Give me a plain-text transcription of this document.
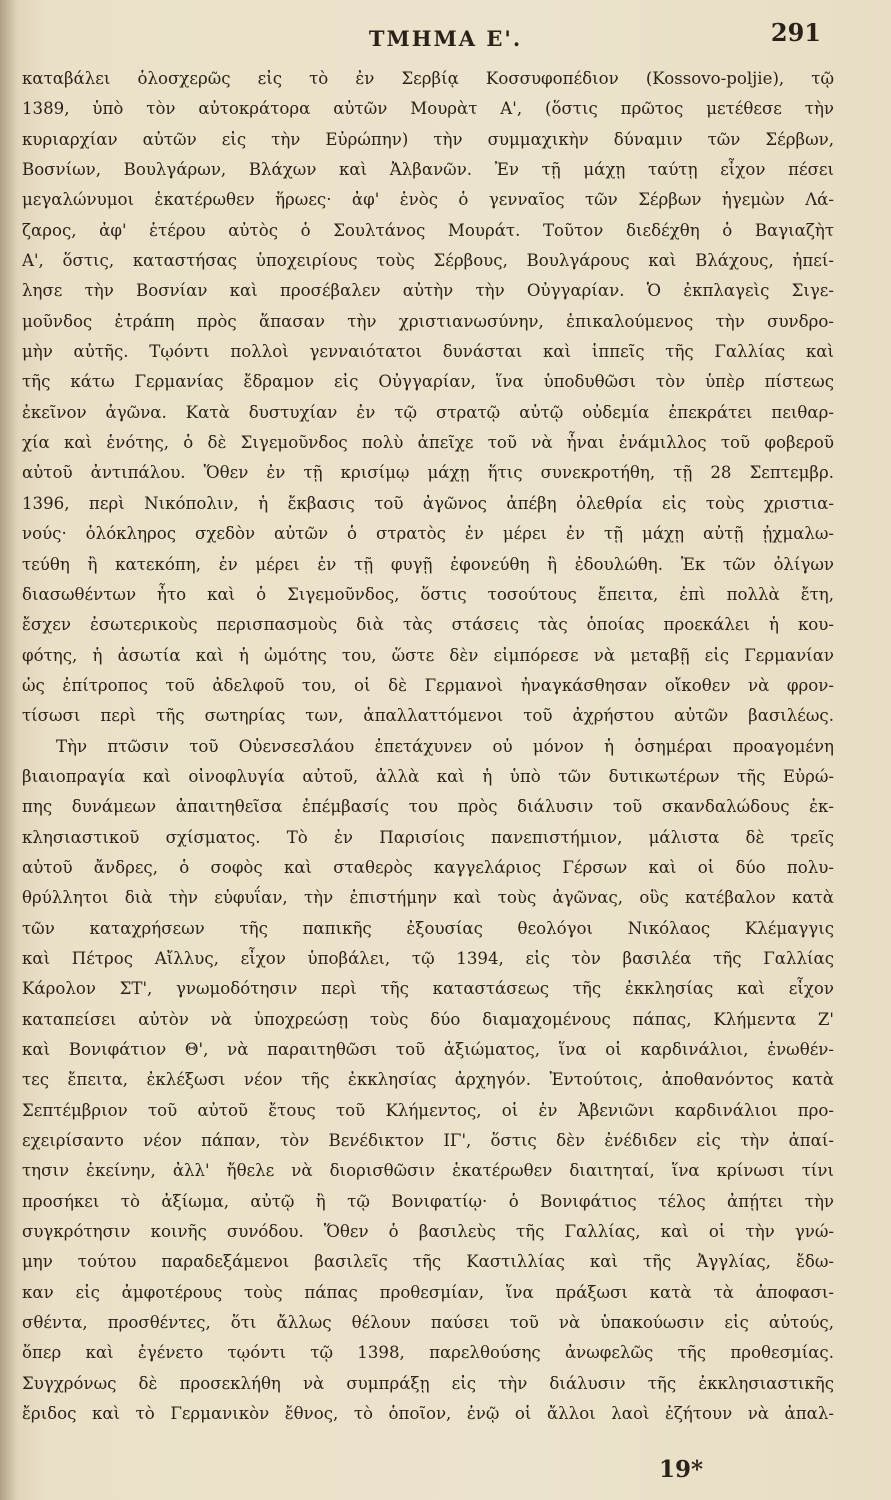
ΤΜΗΜΑ Ε'.	291
καταβάλει ὁλοσχερῶς εἰς τὸ ἐν Σερβίᾳ Κοσσυφοπέδιον (Kossovo-poljie), τῷ
1389, ὑπὸ τὸν αὐτοκράτορα αὐτῶν Μουρὰτ Α', (ὅστις πρῶτος μετέθεσε τὴν
κυριαρχίαν αὐτῶν εἰς τὴν Εὐρώπην) τὴν συμμαχικὴν δύναμιν τῶν Σέρβων,
Βοσνίων, Βουλγάρων, Βλάχων καὶ Ἀλβανῶν. Ἐν τῇ μάχῃ ταύτῃ εἶχον πέσει
μεγαλώνυμοι ἑκατέρωθεν ἥρωες· ἀφ' ἑνὸς ὁ γενναῖος τῶν Σέρβων ἡγεμὼν Λά-
ζαρος, ἀφ' ἑτέρου αὐτὸς ὁ Σουλτάνος Μουράτ. Τοῦτον διεδέχθη ὁ Βαγιαζὴτ
Α', ὅστις, καταστήσας ὑποχειρίους τοὺς Σέρβους, Βουλγάρους καὶ Βλάχους, ἠπεί-
λησε τὴν Βοσνίαν καὶ προσέβαλεν αὐτὴν τὴν Οὐγγαρίαν. Ὁ ἐκπλαγεὶς Σιγε-
μοῦνδος ἐτράπη πρὸς ἅπασαν τὴν χριστιανωσύνην, ἐπικαλούμενος τὴν συνδρο-
μὴν αὐτῆς. Τῳόντι πολλοὶ γενναιότατοι δυνάσται καὶ ἱππεῖς τῆς Γαλλίας καὶ
τῆς κάτω Γερμανίας ἔδραμον εἰς Οὐγγαρίαν, ἵνα ὑποδυθῶσι τὸν ὑπὲρ πίστεως
ἐκεῖνον ἀγῶνα. Κατὰ δυστυχίαν ἐν τῷ στρατῷ αὐτῷ οὐδεμία ἐπεκράτει πειθαρ-
χία καὶ ἑνότης, ὁ δὲ Σιγεμοῦνδος πολὺ ἀπεῖχε τοῦ νὰ ἦναι ἐνάμιλλος τοῦ φοβεροῦ
αὐτοῦ ἀντιπάλου. Ὅθεν ἐν τῇ κρισίμῳ μάχῃ ἥτις συνεκροτήθη, τῇ 28 Σεπτεμβρ.
1396, περὶ Νικόπολιν, ἡ ἔκβασις τοῦ ἀγῶνος ἀπέβη ὀλεθρία εἰς τοὺς χριστια-
νούς· ὁλόκληρος σχεδὸν αὐτῶν ὁ στρατὸς ἐν μέρει ἐν τῇ μάχῃ αὐτῇ ᾐχμαλω-
τεύθη ἢ κατεκόπη, ἐν μέρει ἐν τῇ φυγῇ ἐφονεύθη ἢ ἐδουλώθη. Ἐκ τῶν ὀλίγων
διασωθέντων ἦτο καὶ ὁ Σιγεμοῦνδος, ὅστις τοσούτους ἔπειτα, ἐπὶ πολλὰ ἔτη,
ἔσχεν ἐσωτερικοὺς περισπασμοὺς διὰ τὰς στάσεις τὰς ὁποίας προεκάλει ἡ κου-
φότης, ἡ ἀσωτία καὶ ἡ ὠμότης του, ὥστε δὲν εἰμπόρεσε νὰ μεταβῇ εἰς Γερμανίαν
ὡς ἐπίτροπος τοῦ ἀδελφοῦ του, οἱ δὲ Γερμανοὶ ἠναγκάσθησαν οἴκοθεν νὰ φρον-
τίσωσι περὶ τῆς σωτηρίας των, ἀπαλλαττόμενοι τοῦ ἀχρήστου αὐτῶν βασιλέως.
Τὴν πτῶσιν τοῦ Οὐενσεσλάου ἐπετάχυνεν οὐ μόνον ἡ ὁσημέραι προαγομένη
βιαιοπραγία καὶ οἰνοφλυγία αὐτοῦ, ἀλλὰ καὶ ἡ ὑπὸ τῶν δυτικωτέρων τῆς Εὐρώ-
πης δυνάμεων ἀπαιτηθεῖσα ἐπέμβασίς του πρὸς διάλυσιν τοῦ σκανδαλώδους ἐκ-
κλησιαστικοῦ σχίσματος. Τὸ ἐν Παρισίοις πανεπιστήμιον, μάλιστα δὲ τρεῖς
αὐτοῦ ἄνδρες, ὁ σοφὸς καὶ σταθερὸς καγγελάριος Γέρσων καὶ οἱ δύο πολυ-
θρύλλητοι διὰ τὴν εὐφυΐαν, τὴν ἐπιστήμην καὶ τοὺς ἀγῶνας, οὓς κατέβαλον κατὰ
τῶν καταχρήσεων τῆς παπικῆς ἐξουσίας θεολόγοι Νικόλαος Κλέμαγγις
καὶ Πέτρος Αἴλλυς, εἶχον ὑποβάλει, τῷ 1394, εἰς τὸν βασιλέα τῆς Γαλλίας
Κάρολον ΣΤ', γνωμοδότησιν περὶ τῆς καταστάσεως τῆς ἐκκλησίας καὶ εἶχον
καταπείσει αὐτὸν νὰ ὑποχρεώσῃ τοὺς δύο διαμαχομένους πάπας, Κλήμεντα Ζ'
καὶ Βονιφάτιον Θ', νὰ παραιτηθῶσι τοῦ ἀξιώματος, ἵνα οἱ καρδινάλιοι, ἑνωθέν-
τες ἔπειτα, ἐκλέξωσι νέον τῆς ἐκκλησίας ἀρχηγόν. Ἐντούτοις, ἀποθανόντος κατὰ
Σεπτέμβριον τοῦ αὐτοῦ ἔτους τοῦ Κλήμεντος, οἱ ἐν Ἀβενιῶνι καρδινάλιοι προ-
εχειρίσαντο νέον πάπαν, τὸν Βενέδικτον ΙΓ', ὅστις δὲν ἐνέδιδεν εἰς τὴν ἀπαί-
τησιν ἐκείνην, ἀλλ' ἤθελε νὰ διορισθῶσιν ἑκατέρωθεν διαιτηταί, ἵνα κρίνωσι τίνι
προσήκει τὸ ἀξίωμα, αὐτῷ ἢ τῷ Βονιφατίῳ· ὁ Βονιφάτιος τέλος ἀπῄτει τὴν
συγκρότησιν κοινῆς συνόδου. Ὅθεν ὁ βασιλεὺς τῆς Γαλλίας, καὶ οἱ τὴν γνώ-
μην τούτου παραδεξάμενοι βασιλεῖς τῆς Καστιλλίας καὶ τῆς Ἀγγλίας, ἔδω-
καν εἰς ἀμφοτέρους τοὺς πάπας προθεσμίαν, ἵνα πράξωσι κατὰ τὰ ἀποφασι-
σθέντα, προσθέντες, ὅτι ἄλλως θέλουν παύσει τοῦ νὰ ὑπακούωσιν εἰς αὐτούς,
ὅπερ καὶ ἐγένετο τῳόντι τῷ 1398, παρελθούσης ἀνωφελῶς τῆς προθεσμίας.
Συγχρόνως δὲ προσεκλήθη νὰ συμπράξῃ εἰς τὴν διάλυσιν τῆς ἐκκλησιαστικῆς
ἔριδος καὶ τὸ Γερμανικὸν ἔθνος, τὸ ὁποῖον, ἐνῷ οἱ ἄλλοι λαοὶ ἐζήτουν νὰ ἀπαλ-
19*
